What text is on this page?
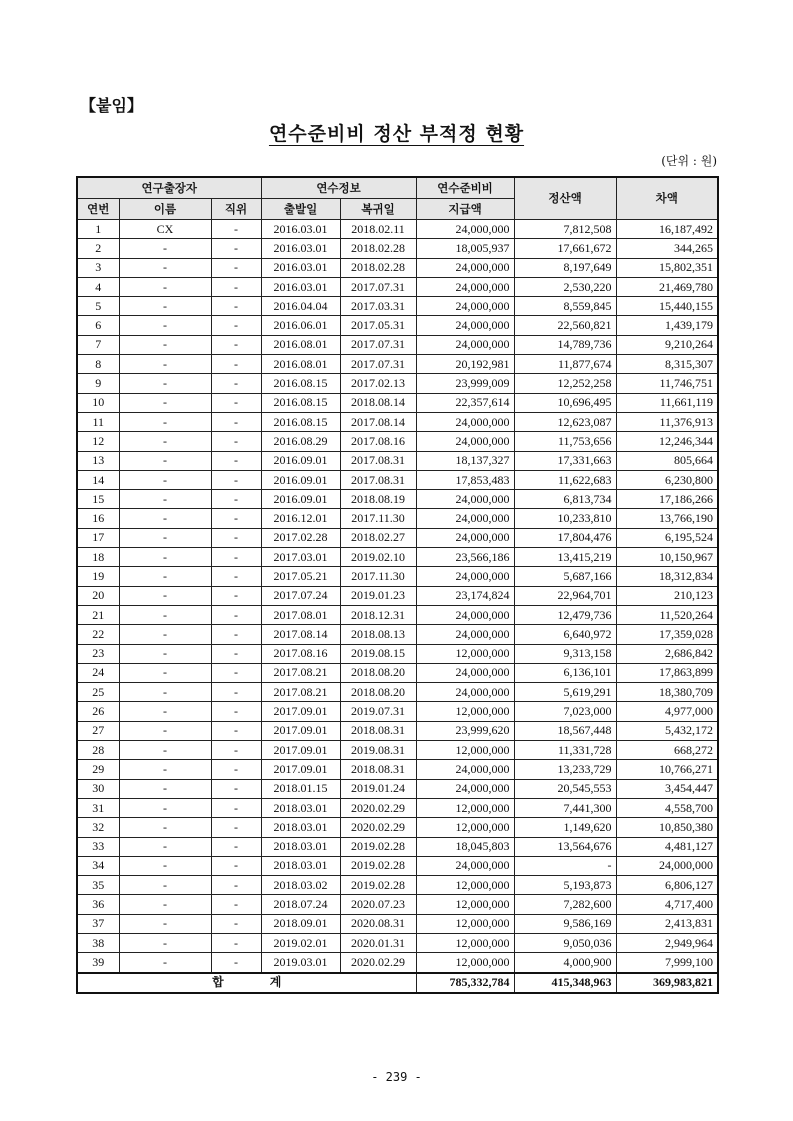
【붙임】
연수준비비 정산 부적정 현황
(단위 : 원)
연구출장자			연수정보		연수준비비	정산액	차액
연번	이름	직위	출발일	복귀일	지급액		
1	CX	-	2016.03.01	2018.02.11	24,000,000	7,812,508	16,187,492
2	-	-	2016.03.01	2018.02.28	18,005,937	17,661,672	344,265
3	-	-	2016.03.01	2018.02.28	24,000,000	8,197,649	15,802,351
4	-	-	2016.03.01	2017.07.31	24,000,000	2,530,220	21,469,780
5	-	-	2016.04.04	2017.03.31	24,000,000	8,559,845	15,440,155
6	-	-	2016.06.01	2017.05.31	24,000,000	22,560,821	1,439,179
7	-	-	2016.08.01	2017.07.31	24,000,000	14,789,736	9,210,264
8	-	-	2016.08.01	2017.07.31	20,192,981	11,877,674	8,315,307
9	-	-	2016.08.15	2017.02.13	23,999,009	12,252,258	11,746,751
10	-	-	2016.08.15	2018.08.14	22,357,614	10,696,495	11,661,119
11	-	-	2016.08.15	2017.08.14	24,000,000	12,623,087	11,376,913
12	-	-	2016.08.29	2017.08.16	24,000,000	11,753,656	12,246,344
13	-	-	2016.09.01	2017.08.31	18,137,327	17,331,663	805,664
14	-	-	2016.09.01	2017.08.31	17,853,483	11,622,683	6,230,800
15	-	-	2016.09.01	2018.08.19	24,000,000	6,813,734	17,186,266
16	-	-	2016.12.01	2017.11.30	24,000,000	10,233,810	13,766,190
17	-	-	2017.02.28	2018.02.27	24,000,000	17,804,476	6,195,524
18	-	-	2017.03.01	2019.02.10	23,566,186	13,415,219	10,150,967
19	-	-	2017.05.21	2017.11.30	24,000,000	5,687,166	18,312,834
20	-	-	2017.07.24	2019.01.23	23,174,824	22,964,701	210,123
21	-	-	2017.08.01	2018.12.31	24,000,000	12,479,736	11,520,264
22	-	-	2017.08.14	2018.08.13	24,000,000	6,640,972	17,359,028
23	-	-	2017.08.16	2019.08.15	12,000,000	9,313,158	2,686,842
24	-	-	2017.08.21	2018.08.20	24,000,000	6,136,101	17,863,899
25	-	-	2017.08.21	2018.08.20	24,000,000	5,619,291	18,380,709
26	-	-	2017.09.01	2019.07.31	12,000,000	7,023,000	4,977,000
27	-	-	2017.09.01	2018.08.31	23,999,620	18,567,448	5,432,172
28	-	-	2017.09.01	2019.08.31	12,000,000	11,331,728	668,272
29	-	-	2017.09.01	2018.08.31	24,000,000	13,233,729	10,766,271
30	-	-	2018.01.15	2019.01.24	24,000,000	20,545,553	3,454,447
31	-	-	2018.03.01	2020.02.29	12,000,000	7,441,300	4,558,700
32	-	-	2018.03.01	2020.02.29	12,000,000	1,149,620	10,850,380
33	-	-	2018.03.01	2019.02.28	18,045,803	13,564,676	4,481,127
34	-	-	2018.03.01	2019.02.28	24,000,000	-	24,000,000
35	-	-	2018.03.02	2019.02.28	12,000,000	5,193,873	6,806,127
36	-	-	2018.07.24	2020.07.23	12,000,000	7,282,600	4,717,400
37	-	-	2018.09.01	2020.08.31	12,000,000	9,586,169	2,413,831
38	-	-	2019.02.01	2020.01.31	12,000,000	9,050,036	2,949,964
39	-	-	2019.03.01	2020.02.29	12,000,000	4,000,900	7,999,100
합 계					785,332,784	415,348,963	369,983,821
- 239 -
